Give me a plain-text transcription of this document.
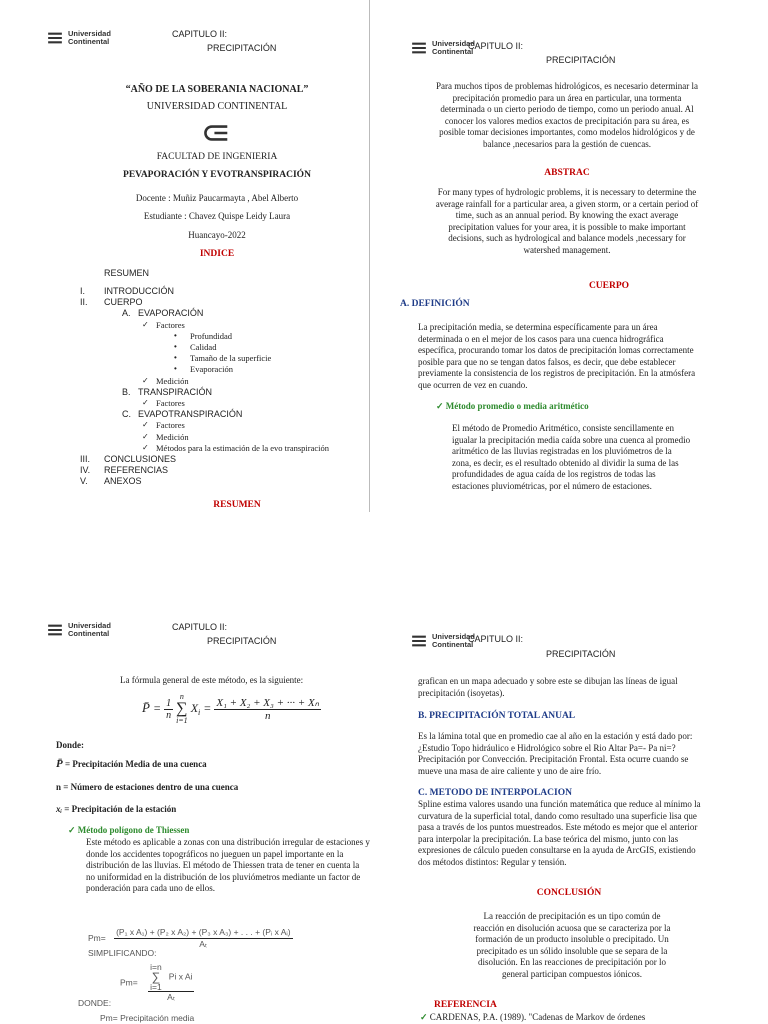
Universidad
Continental
CAPITULO II:
PRECIPITACIÓN
“AÑO DE LA SOBERANIA NACIONAL”
UNIVERSIDAD CONTINENTAL
FACULTAD DE INGENIERIA
PEVAPORACIÓN Y EVOTRANSPIRACIÓN
Docente : Muñiz Paucarmayta , Abel Alberto
Estudiante : Chavez Quispe Leidy Laura
Huancayo-2022
INDICE
RESUMEN
I. INTRODUCCIÓN
II. CUERPO
A. EVAPORACIÓN
✓ Factores
• Profundidad
• Calidad
• Tamaño de la superficie
• Evaporación
✓ Medición
B. TRANSPIRACIÓN
✓ Factores
C. EVAPOTRANSPIRACIÓN
✓ Factores
✓ Medición
✓ Métodos para la estimación de la evo transpiración
III. CONCLUSIONES
IV. REFERENCIAS
V. ANEXOS
RESUMEN
Universidad
Continental
CAPITULO II:
PRECIPITACIÓN
Para muchos tipos de problemas hidrológicos, es necesario determinar la precipitación promedio para un área en particular, una tormenta determinada o un cierto periodo de tiempo, como un periodo anual. Al conocer los valores medios exactos de precipitación para su área, es posible tomar decisiones importantes, como modelos hidrológicos y de balance ,necesarios para la gestión de cuencas.
ABSTRAC
For many types of hydrologic problems, it is necessary to determine the average rainfall for a particular area, a given storm, or a certain period of time, such as an annual period. By knowing the exact average precipitation values for your area, it is possible to make important decisions, such as hydrological and balance models ,necessary for watershed management.
CUERPO
A. DEFINICIÓN
La precipitación media, se determina específicamente para un área determinada o en el mejor de los casos para una cuenca hidrográfica específica, procurando tomar los datos de precipitación lomas correctamente posible para que no se tengan datos falsos, es decir, que debe establecer previamente la consistencia de los registros de precipitación. En la atmósfera que ocurren de vez en cuando.
✓ Método promedio o media aritmético
El método de Promedio Aritmético, consiste sencillamente en igualar la precipitación media caída sobre una cuenca al promedio aritmético de las lluvias registradas en los pluviómetros de la zona, es decir, es el resultado obtenido al dividir la suma de las profundidades de agua caída de los registros de todas las estaciones pluviométricas, por el número de estaciones.
Universidad
Continental
CAPITULO II:
PRECIPITACIÓN
La fórmula general de este método, es la siguiente:
P̄ = $\frac{1}{n}$

n
∑
i=1
$X_i = \frac{\text{X₁ + X₂ + X₃ + ··· + Xₙ}}{n}$
Donde:
P̄ = Precipitación Media de una cuenca
n = Número de estaciones dentro de una cuenca
xᵢ = Precipitación de la estación
✓ Método polígono de Thiessen
Este método es aplicable a zonas con una distribución irregular de estaciones y donde los accidentes topográficos no jueguen un papel importante en la distribución de las lluvias. El método de Thiessen trata de tener en cuenta la no uniformidad en la distribución de los pluviómetros mediante un factor de ponderación para cada uno de ellos.
$Pm= \frac{\text{(P₁ x A₁) + (P₂ x A₂) + (P₃ x A₃) + . . . + (Pᵢ x Aᵢ)}}{\text{Aₜ}}$
SIMPLIFICANDO:
Pm= i=n
∑
i=1
Pi x Ai
Aₜ
DONDE:
Pm= Precipitación media
Universidad
Continental
CAPITULO II:
PRECIPITACIÓN
grafican en un mapa adecuado y sobre este se dibujan las líneas de igual precipitación (isoyetas).
B. PRECIPITACIÓN TOTAL ANUAL
Es la lámina total que en promedio cae al año en la estación y está dado por: ¿Estudio Topo hidráulico e Hidrológico sobre el Rio Altar Pa=- Pa ni=? Precipitación por Convección. Precipitación Frontal. Esta ocurre cuando se mueve una masa de aire caliente y uno de aire frío.
C. METODO DE INTERPOLACION
Spline estima valores usando una función matemática que reduce al mínimo la curvatura de la superficial total, dando como resultado una superficie lisa que pasa a través de los puntos muestreados. Este método es mejor que el anterior para interpolar la precipitación. La base teórica del mismo, junto con las expresiones de cálculo pueden consultarse en la ayuda de ArcGIS, existiendo dos métodos distintos: Regular y tensión.
CONCLUSIÓN
La reacción de precipitación es un tipo común de reacción en disolución acuosa que se caracteriza por la formación de un producto insoluble o precipitado. Un precipitado es un sólido insoluble que se separa de la disolución. En las reacciones de precipitación por lo general participan compuestos iónicos.
REFERENCIA
✓ CARDENAS, P.A. (1989). "Cadenas de Markov de órdenes
